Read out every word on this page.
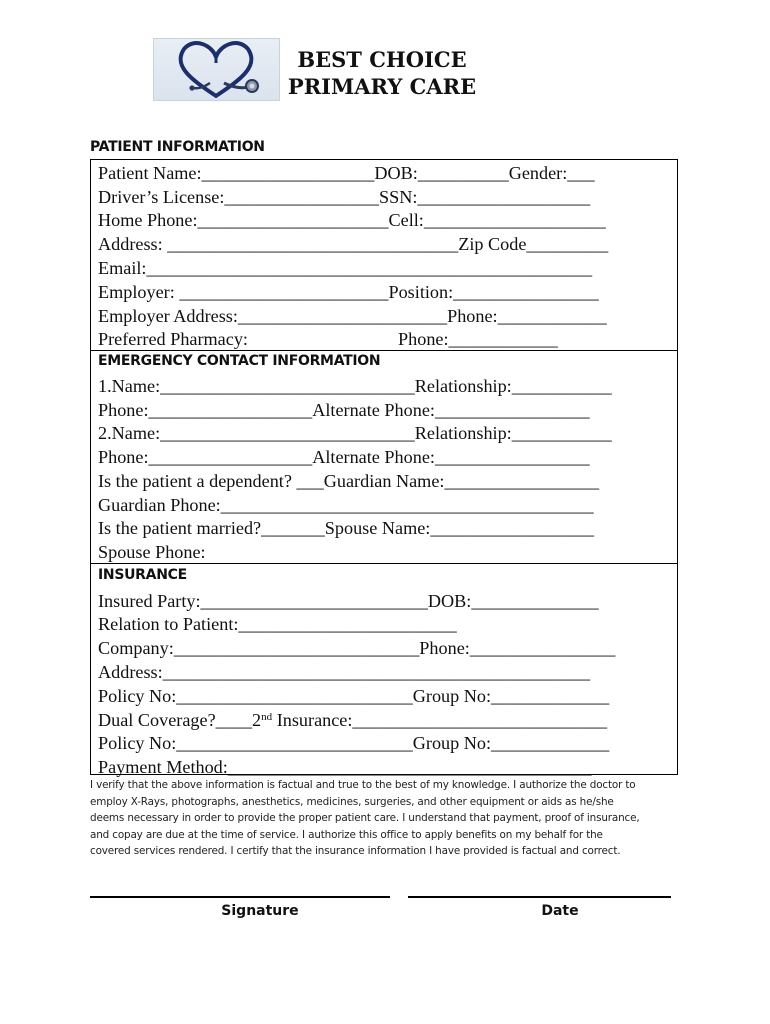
BEST CHOICE
PRIMARY CARE
PATIENT INFORMATION
Patient Name:___________________DOB:__________Gender:___
Driver’s License:_________________SSN:___________________
Home Phone:_____________________Cell:____________________
Address: ________________________________Zip Code_________
Email:_________________________________________________
Employer: _______________________Position:________________
Employer Address:_______________________Phone:____________
Preferred Pharmacy:                                 Phone:____________
EMERGENCY CONTACT INFORMATION
1.Name:____________________________Relationship:___________
Phone:__________________Alternate Phone:_________________
2.Name:____________________________Relationship:___________
Phone:__________________Alternate Phone:_________________
Is the patient a dependent? ___Guardian Name:_________________
Guardian Phone:_________________________________________
Is the patient married?_______Spouse Name:__________________
Spouse Phone:
INSURANCE
Insured Party:_________________________DOB:______________
Relation to Patient:________________________
Company:___________________________Phone:________________
Address:_______________________________________________
Policy No:__________________________Group No:_____________
Dual Coverage?____2nd Insurance:____________________________
Policy No:__________________________Group No:_____________
Payment Method:________________________________________
I verify that the above information is factual and true to the best of my knowledge. I authorize the doctor to
employ X-Rays, photographs, anesthetics, medicines, surgeries, and other equipment or aids as he/she
deems necessary in order to provide the proper patient care. I understand that payment, proof of insurance,
and copay are due at the time of service. I authorize this office to apply benefits on my behalf for the
covered services rendered. I certify that the insurance information I have provided is factual and correct.
Signature	Date
